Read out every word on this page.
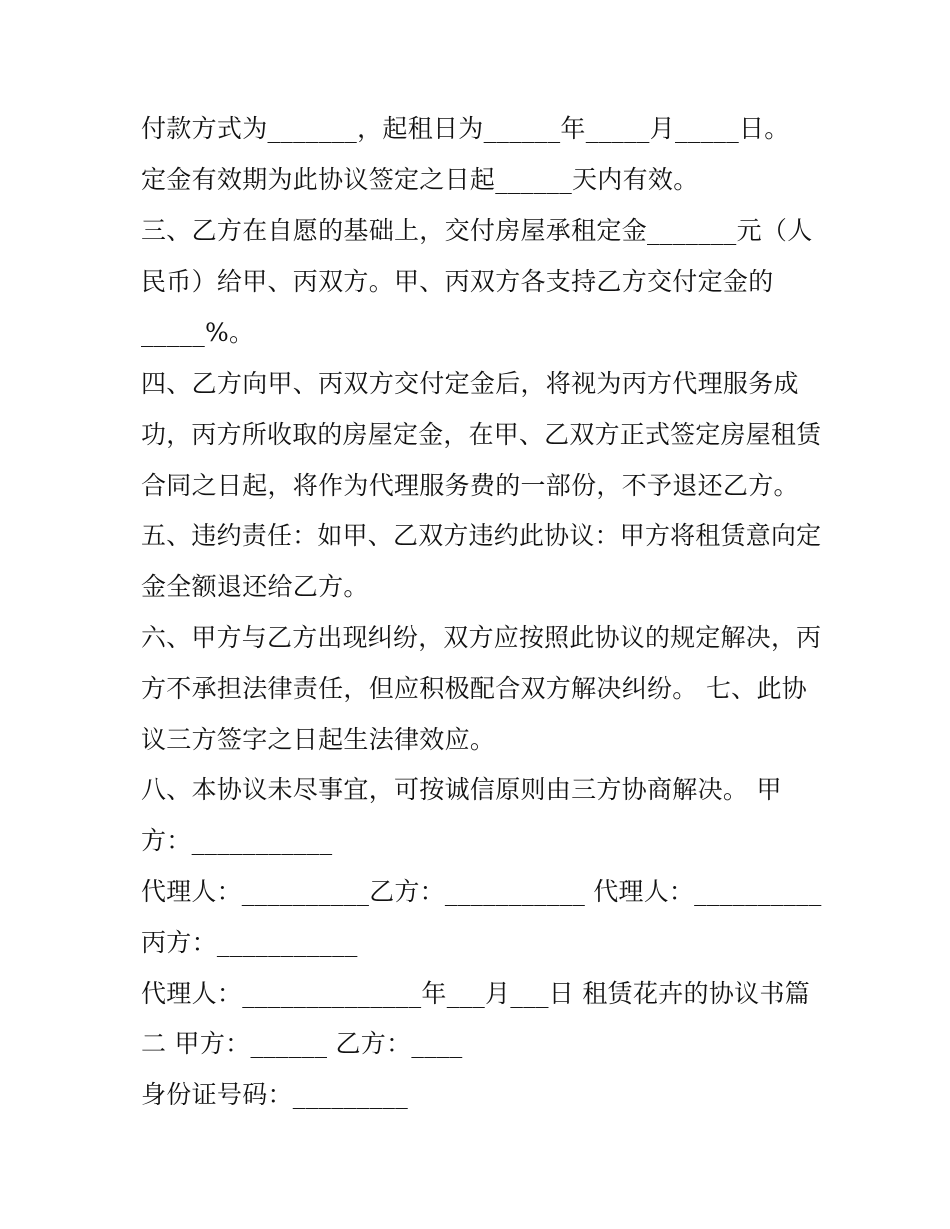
付款方式为_______，起租日为______年_____月_____日。
定金有效期为此协议签定之日起______天内有效。
三、乙方在自愿的基础上，交付房屋承租定金_______元（人
民币）给甲、丙双方。甲、丙双方各支持乙方交付定金的
_____%。
四、乙方向甲、丙双方交付定金后，将视为丙方代理服务成
功，丙方所收取的房屋定金，在甲、乙双方正式签定房屋租赁
合同之日起，将作为代理服务费的一部份，不予退还乙方。
五、违约责任：如甲、乙双方违约此协议：甲方将租赁意向定
金全额退还给乙方。
六、甲方与乙方出现纠纷，双方应按照此协议的规定解决，丙
方不承担法律责任，但应积极配合双方解决纠纷。 七、此协
议三方签字之日起生法律效应。
八、本协议未尽事宜，可按诚信原则由三方协商解决。 甲
方：___________
代理人：__________乙方：___________ 代理人：__________
丙方：___________
代理人：______________年___月___日 租赁花卉的协议书篇
二 甲方：______ 乙方：____
身份证号码：_________
